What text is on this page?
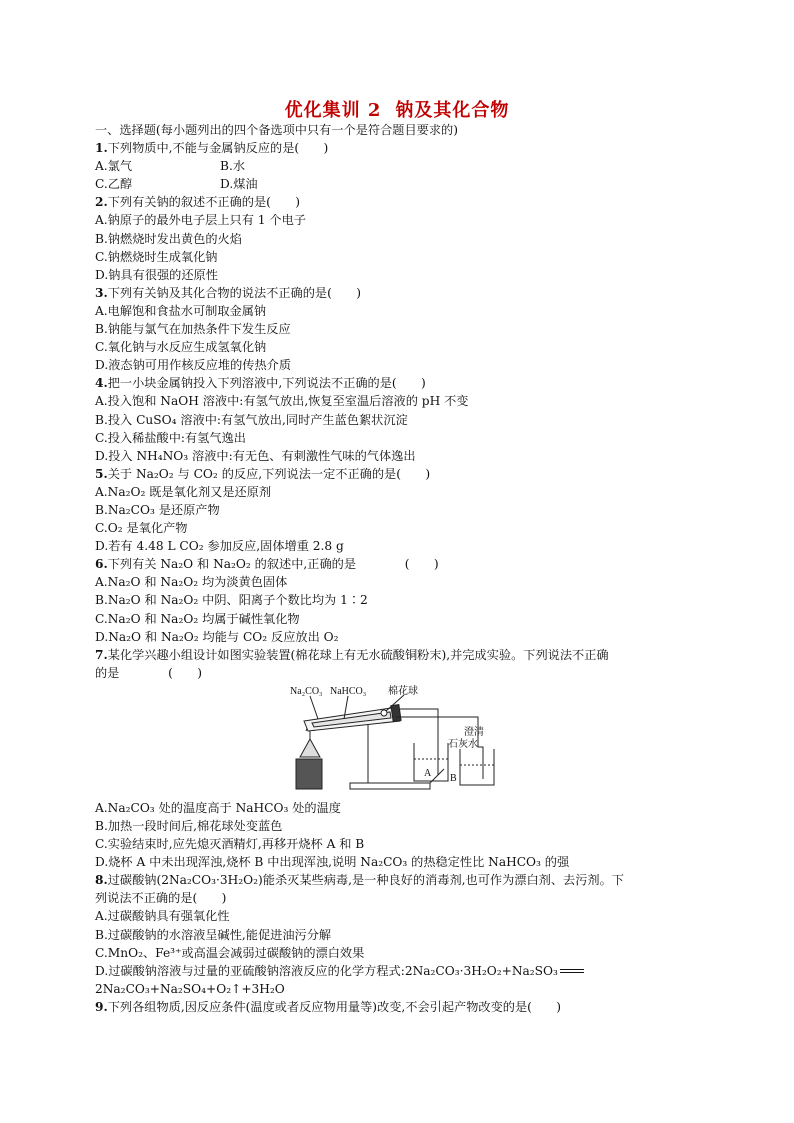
优化集训 2 钠及其化合物
一、选择题(每小题列出的四个备选项中只有一个是符合题目要求的)
1.下列物质中,不能与金属钠反应的是(　　)
A.氯气	B.水
C.乙醇	D.煤油
2.下列有关钠的叙述不正确的是(　　)
A.钠原子的最外电子层上只有 1 个电子
B.钠燃烧时发出黄色的火焰
C.钠燃烧时生成氧化钠
D.钠具有很强的还原性
3.下列有关钠及其化合物的说法不正确的是(　　)
A.电解饱和食盐水可制取金属钠
B.钠能与氯气在加热条件下发生反应
C.氧化钠与水反应生成氢氧化钠
D.液态钠可用作核反应堆的传热介质
4.把一小块金属钠投入下列溶液中,下列说法不正确的是(　　)
A.投入饱和 NaOH 溶液中:有氢气放出,恢复至室温后溶液的 pH 不变
B.投入 CuSO₄ 溶液中:有氢气放出,同时产生蓝色絮状沉淀
C.投入稀盐酸中:有氢气逸出
D.投入 NH₄NO₃ 溶液中:有无色、有刺激性气味的气体逸出
5.关于 Na₂O₂ 与 CO₂ 的反应,下列说法一定不正确的是(　　)
A.Na₂O₂ 既是氧化剂又是还原剂
B.Na₂CO₃ 是还原产物
C.O₂ 是氧化产物
D.若有 4.48 L CO₂ 参加反应,固体增重 2.8 g
6.下列有关 Na₂O 和 Na₂O₂ 的叙述中,正确的是　　　　(　　)
A.Na₂O 和 Na₂O₂ 均为淡黄色固体
B.Na₂O 和 Na₂O₂ 中阴、阳离子个数比均为 1∶2
C.Na₂O 和 Na₂O₂ 均属于碱性氧化物
D.Na₂O 和 Na₂O₂ 均能与 CO₂ 反应放出 O₂
7.某化学兴趣小组设计如图实验装置(棉花球上有无水硫酸铜粉末),并完成实验。下列说法不正确
的是　　　　(　　)
Na₂CO₃ NaHCO₃ 棉花球
澄清
石灰水
A B
A.Na₂CO₃ 处的温度高于 NaHCO₃ 处的温度
B.加热一段时间后,棉花球处变蓝色
C.实验结束时,应先熄灭酒精灯,再移开烧杯 A 和 B
D.烧杯 A 中未出现浑浊,烧杯 B 中出现浑浊,说明 Na₂CO₃ 的热稳定性比 NaHCO₃ 的强
8.过碳酸钠(2Na₂CO₃·3H₂O₂)能杀灭某些病毒,是一种良好的消毒剂,也可作为漂白剂、去污剂。下
列说法不正确的是(　　)
A.过碳酸钠具有强氧化性
B.过碳酸钠的水溶液呈碱性,能促进油污分解
C.MnO₂、Fe³⁺或高温会减弱过碳酸钠的漂白效果
D.过碳酸钠溶液与过量的亚硫酸钠溶液反应的化学方程式:2Na₂CO₃·3H₂O₂+Na₂SO₃
2Na₂CO₃+Na₂SO₄+O₂↑+3H₂O
9.下列各组物质,因反应条件(温度或者反应物用量等)改变,不会引起产物改变的是(　　)
